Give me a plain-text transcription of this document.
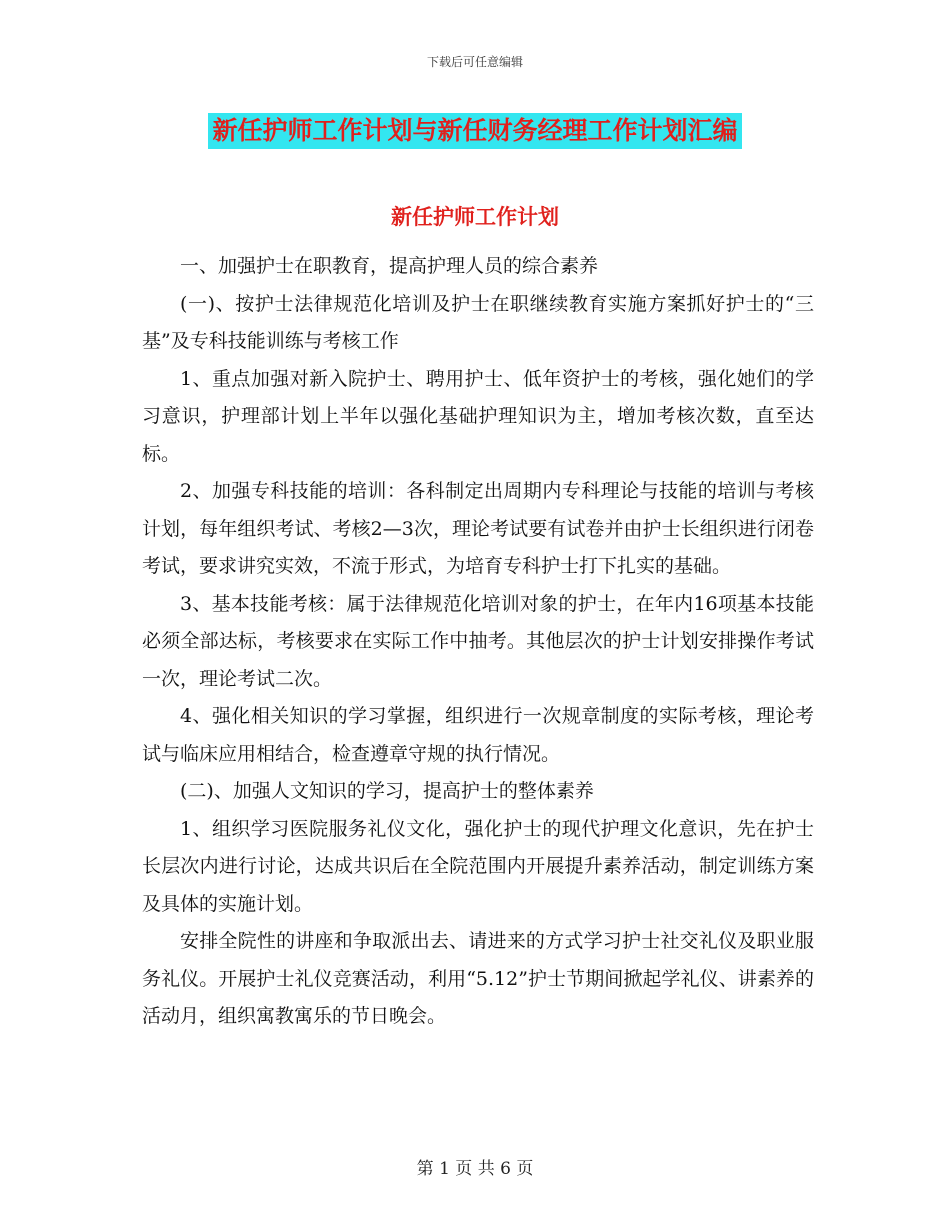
下载后可任意编辑
新任护师工作计划与新任财务经理工作计划汇编
新任护师工作计划

一、加强护士在职教育，提高护理人员的综合素养

(一)、按护士法律规范化培训及护士在职继续教育实施方案抓好护士的“三基”及专科技能训练与考核工作

1、重点加强对新入院护士、聘用护士、低年资护士的考核，强化她们的学习意识，护理部计划上半年以强化基础护理知识为主，增加考核次数，直至达标。

2、加强专科技能的培训：各科制定出周期内专科理论与技能的培训与考核计划，每年组织考试、考核2—3次，理论考试要有试卷并由护士长组织进行闭卷考试，要求讲究实效，不流于形式，为培育专科护士打下扎实的基础。

3、基本技能考核：属于法律规范化培训对象的护士，在年内16项基本技能必须全部达标，考核要求在实际工作中抽考。其他层次的护士计划安排操作考试一次，理论考试二次。

4、强化相关知识的学习掌握，组织进行一次规章制度的实际考核，理论考试与临床应用相结合，检查遵章守规的执行情况。

(二)、加强人文知识的学习，提高护士的整体素养

1、组织学习医院服务礼仪文化，强化护士的现代护理文化意识，先在护士长层次内进行讨论，达成共识后在全院范围内开展提升素养活动，制定训练方案及具体的实施计划。

安排全院性的讲座和争取派出去、请进来的方式学习护士社交礼仪及职业服务礼仪。开展护士礼仪竞赛活动，利用“5.12”护士节期间掀起学礼仪、讲素养的活动月，组织寓教寓乐的节日晚会。

第 1 页 共 6 页
